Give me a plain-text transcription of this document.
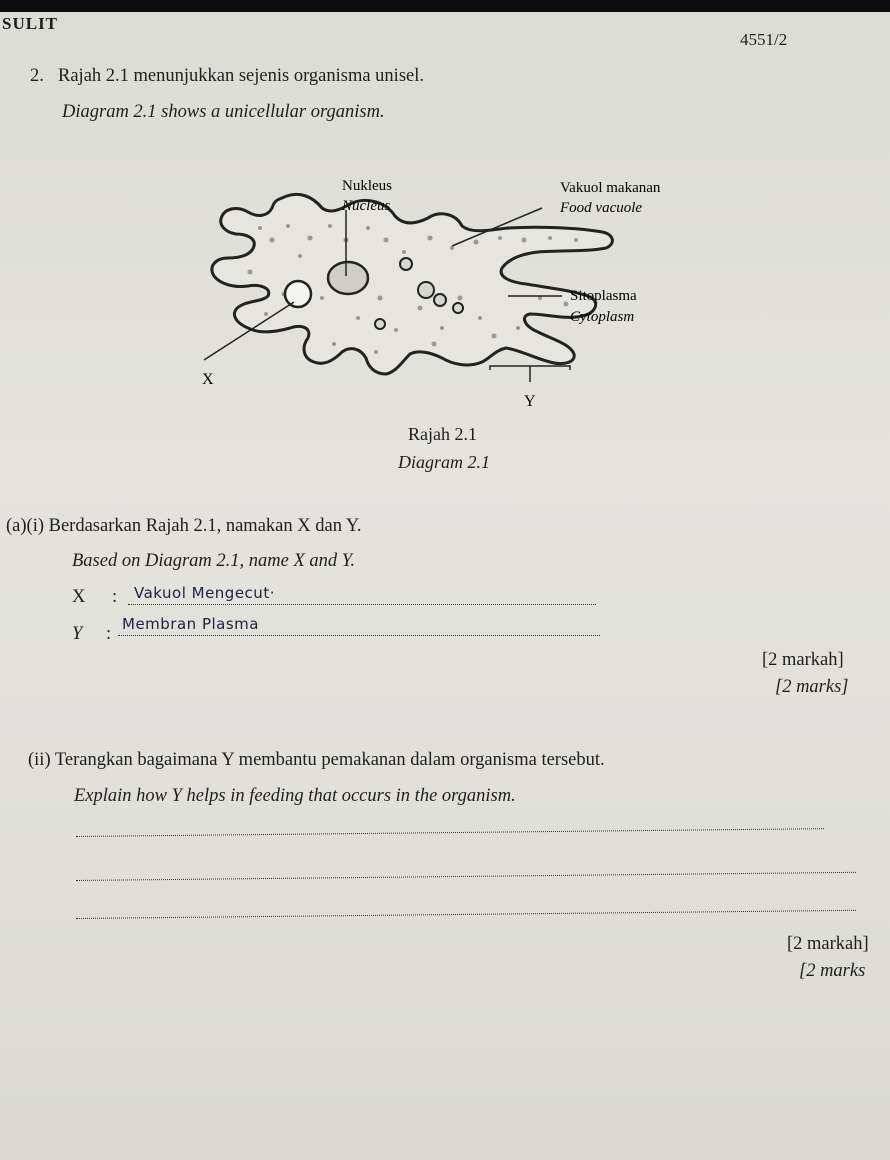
SULIT
4551/2
2. Rajah 2.1 menunjukkan sejenis organisma unisel.
Diagram 2.1 shows a unicellular organism.
Nukleus
Nucleus
Vakuol makanan
Food vacuole
Sitoplasma
Cytoplasm
X
Y
Rajah 2.1
Diagram 2.1
(a)(i) Berdasarkan Rajah 2.1, namakan X dan Y.
Based on Diagram 2.1, name X and Y.
X : Vakuol Mengecut·
Y : Membran Plasma
[2 markah]
[2 marks]
(ii) Terangkan bagaimana Y membantu pemakanan dalam organisma tersebut.
Explain how Y helps in feeding that occurs in the organism.
[2 markah]
[2 marks
